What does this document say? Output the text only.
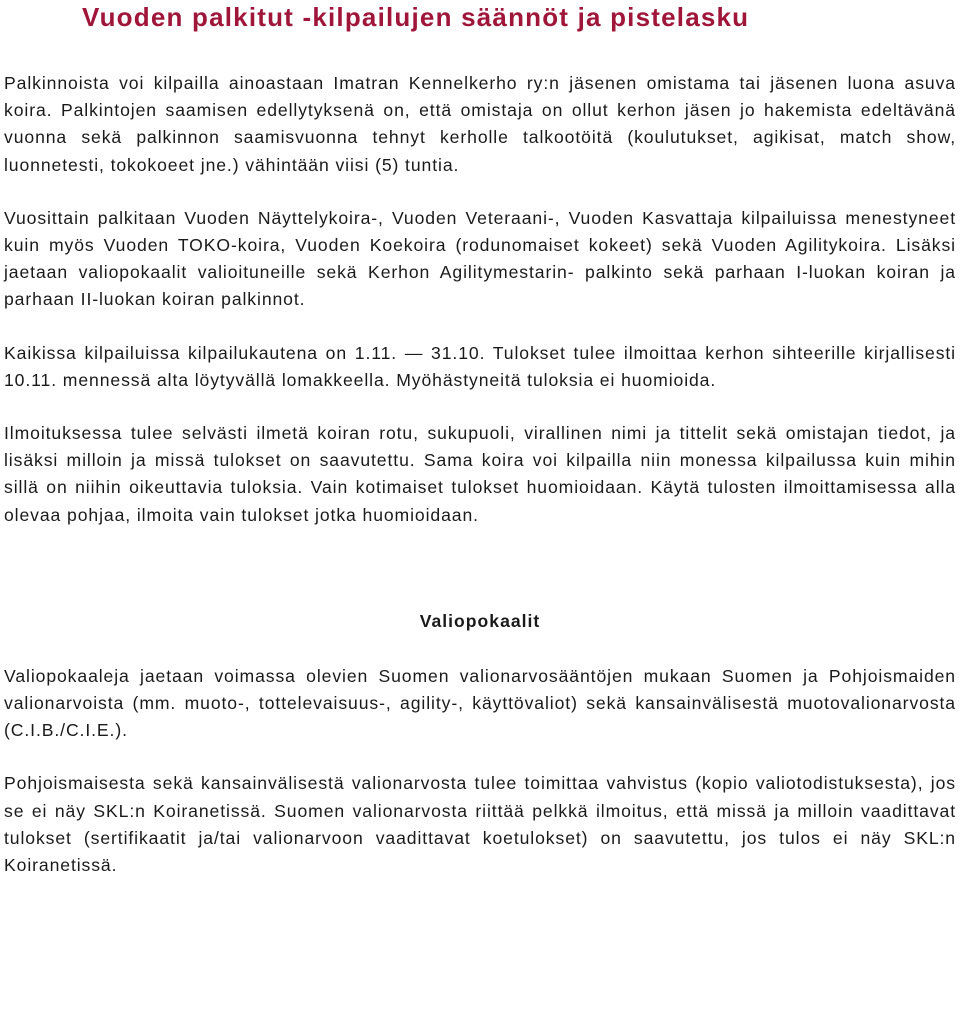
Vuoden palkitut -kilpailujen säännöt ja pistelasku

Palkinnoista voi kilpailla ainoastaan Imatran Kennelkerho ry:n jäsenen omistama tai jäsenen luona asuva koira. Palkintojen saamisen edellytyksenä on, että omistaja on ollut kerhon jäsen jo hakemista edeltävänä vuonna sekä palkinnon saamisvuonna tehnyt kerholle talkootöitä (koulutukset, agikisat, match show, luonnetesti, tokokoeet jne.) vähintään viisi (5) tuntia.

Vuosittain palkitaan Vuoden Näyttelykoira-, Vuoden Veteraani-, Vuoden Kasvattaja kilpailuissa menestyneet kuin myös Vuoden TOKO-koira, Vuoden Koekoira (rodunomaiset kokeet) sekä Vuoden Agilitykoira. Lisäksi jaetaan valiopokaalit valioituneille sekä Kerhon Agilitymestarin- palkinto sekä parhaan I-luokan koiran ja parhaan II-luokan koiran palkinnot.

Kaikissa kilpailuissa kilpailukautena on 1.11. — 31.10. Tulokset tulee ilmoittaa kerhon sihteerille kirjallisesti 10.11. mennessä alta löytyvällä lomakkeella. Myöhästyneitä tuloksia ei huomioida.

Ilmoituksessa tulee selvästi ilmetä koiran rotu, sukupuoli, virallinen nimi ja tittelit sekä omistajan tiedot, ja lisäksi milloin ja missä tulokset on saavutettu. Sama koira voi kilpailla niin monessa kilpailussa kuin mihin sillä on niihin oikeuttavia tuloksia. Vain kotimaiset tulokset huomioidaan. Käytä tulosten ilmoittamisessa alla olevaa pohjaa, ilmoita vain tulokset jotka huomioidaan.

Valiopokaalit

Valiopokaaleja jaetaan voimassa olevien Suomen valionarvosääntöjen mukaan Suomen ja Pohjoismaiden valionarvoista (mm. muoto-, tottelevaisuus-, agility-, käyttövaliot) sekä kansainvälisestä muotovalionarvosta (C.I.B./C.I.E.).

Pohjoismaisesta sekä kansainvälisestä valionarvosta tulee toimittaa vahvistus (kopio valiotodistuksesta), jos se ei näy SKL:n Koiranetissä. Suomen valionarvosta riittää pelkkä ilmoitus, että missä ja milloin vaadittavat tulokset (sertifikaatit ja/tai valionarvoon vaadittavat koetulokset) on saavutettu, jos tulos ei näy SKL:n Koiranetissä.
